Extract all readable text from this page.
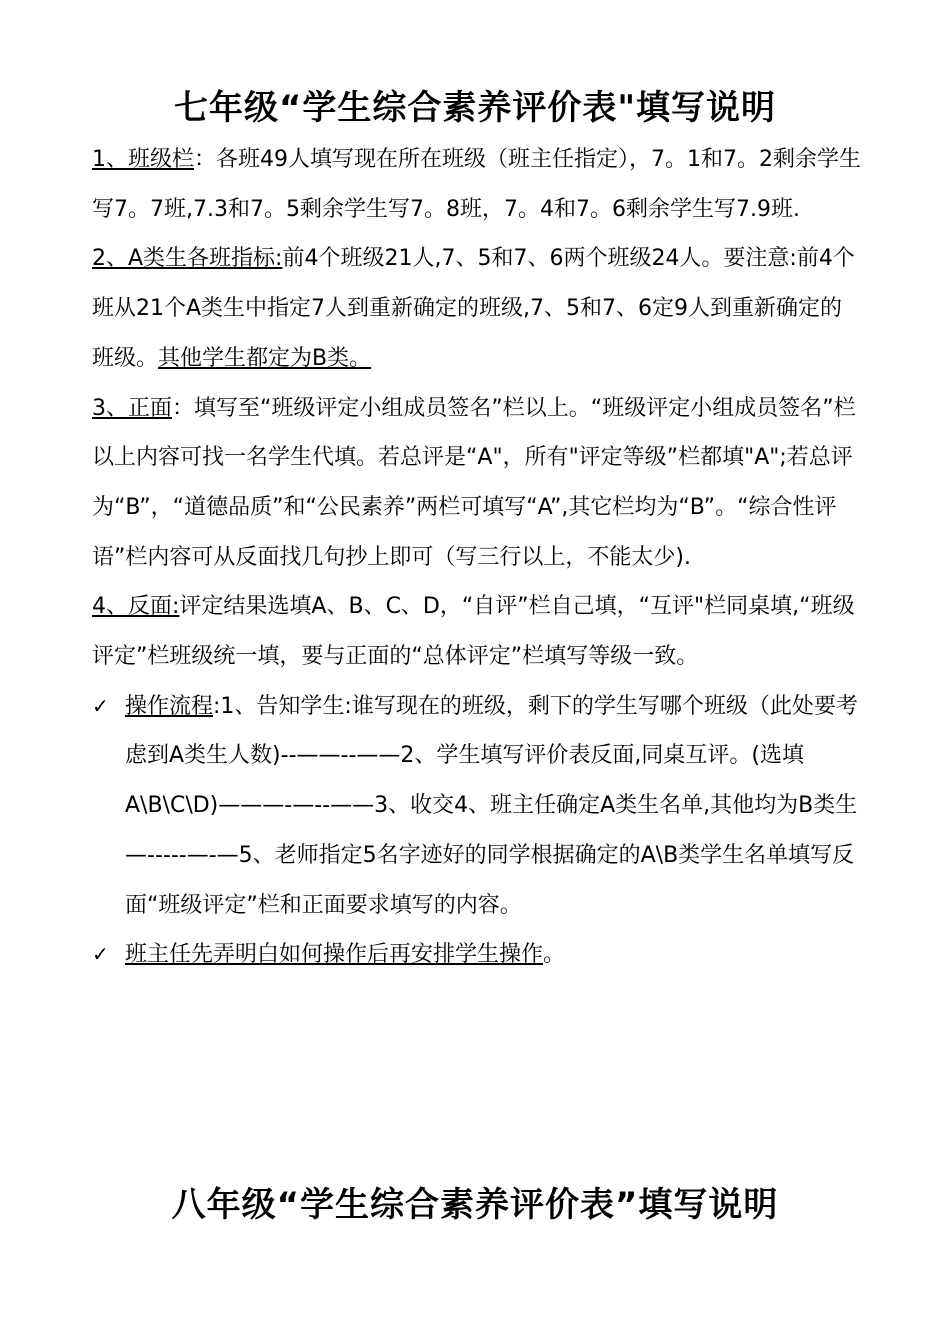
七年级“学生综合素养评价表"填写说明

1、班级栏：各班49人填写现在所在班级（班主任指定），7。1和7。2剩余学生写7。7班,7.3和7。5剩余学生写7。8班，7。4和7。6剩余学生写7.9班.

2、A类生各班指标:前4个班级21人,7、5和7、6两个班级24人。要注意:前4个班从21个A类生中指定7人到重新确定的班级,7、5和7、6定9人到重新确定的班级。其他学生都定为B类。

3、正面：填写至“班级评定小组成员签名”栏以上。“班级评定小组成员签名”栏以上内容可找一名学生代填。若总评是“A"，所有"评定等级”栏都填"A";若总评为“B”，“道德品质”和“公民素养”两栏可填写“A”,其它栏均为“B”。“综合性评语”栏内容可从反面找几句抄上即可（写三行以上，不能太少).

4、反面:评定结果选填A、B、C、D，“自评”栏自己填，“互评"栏同桌填,“班级评定”栏班级统一填，要与正面的“总体评定”栏填写等级一致。

✓ 操作流程:1、告知学生:谁写现在的班级，剩下的学生写哪个班级（此处要考虑到A类生人数)--——--——2、学生填写评价表反面,同桌互评。(选填A\B\C\D)———-—--——3、收交4、班主任确定A类生名单,其他均为B类生—-----—-—5、老师指定5名字迹好的同学根据确定的A\B类学生名单填写反面“班级评定”栏和正面要求填写的内容。

✓ 班主任先弄明白如何操作后再安排学生操作。

八年级“学生综合素养评价表”填写说明
